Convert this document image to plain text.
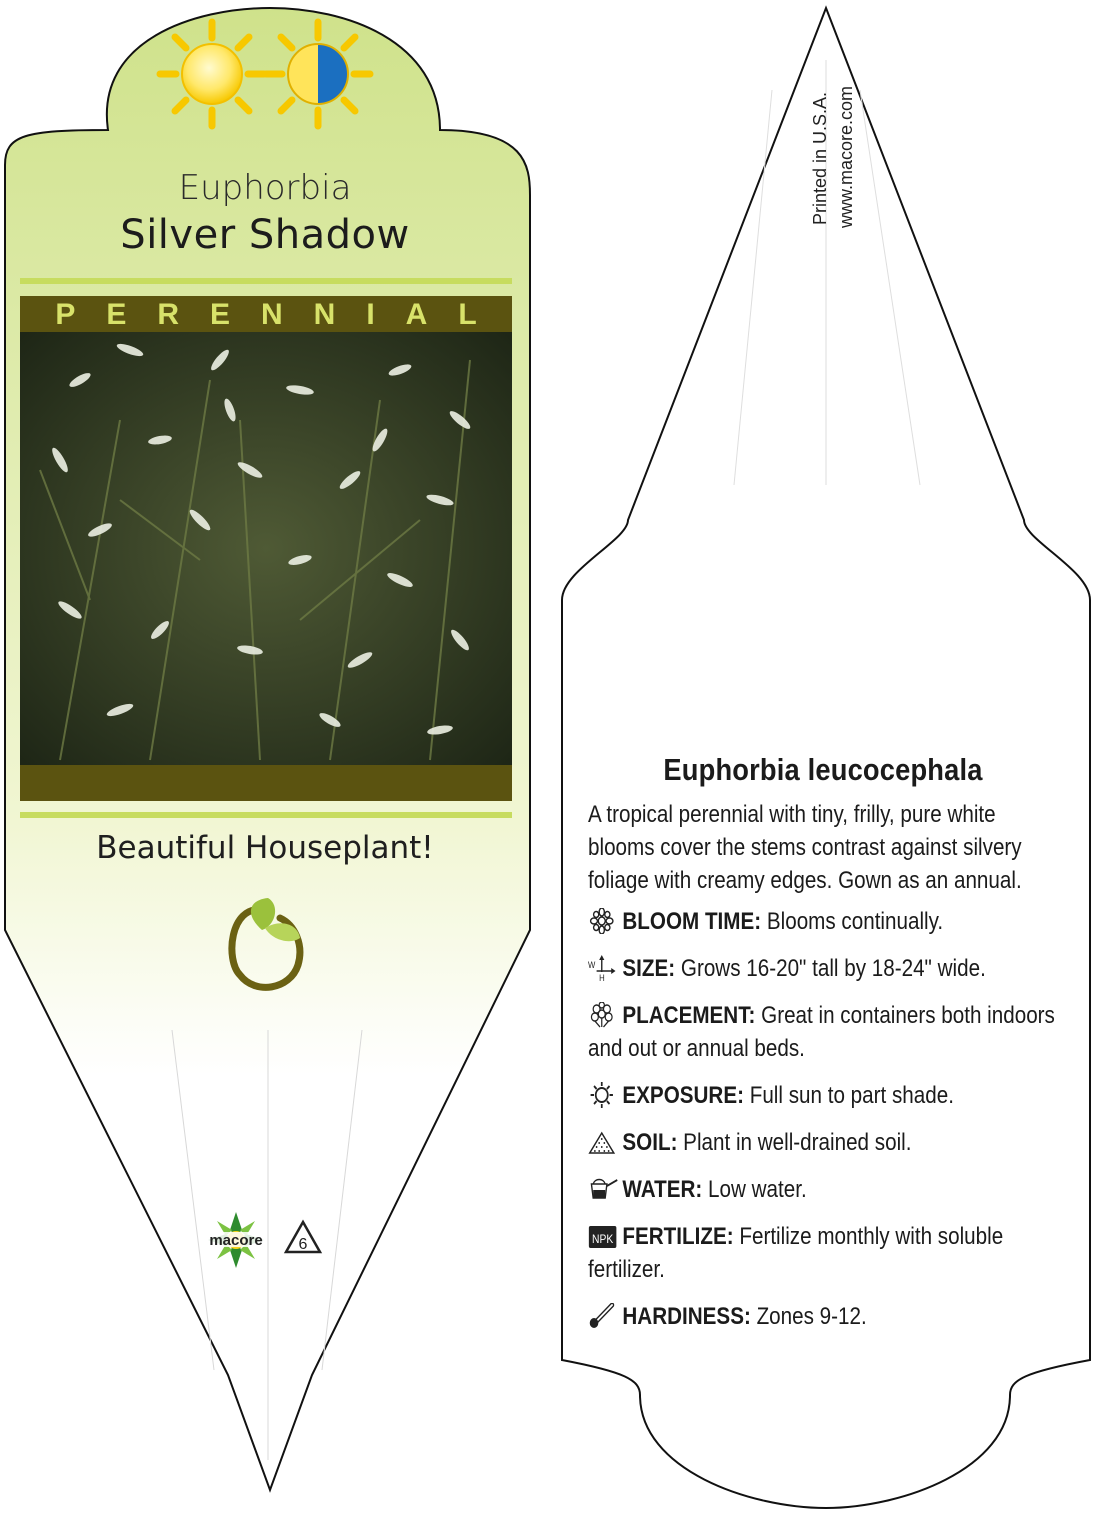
macore 6
Printed in U.S.A. www.macore.com
Euphorbia
Silver Shadow
PERENNIAL
Beautiful Houseplant!
Euphorbia leucocephala
A tropical perennial with tiny, frilly, pure white blooms cover the stems contrast against silvery foliage with creamy edges. Gown as an annual.
BLOOM TIME: Blooms continually.
W
H SIZE: Grows 16-20" tall by 18-24" wide.
PLACEMENT: Great in containers both indoors
and out or annual beds.
EXPOSURE: Full sun to part shade.
SOIL: Plant in well-drained soil.
WATER: Low water.
NPK FERTILIZE: Fertilize monthly with soluble
fertilizer.
HARDINESS: Zones 9-12.
